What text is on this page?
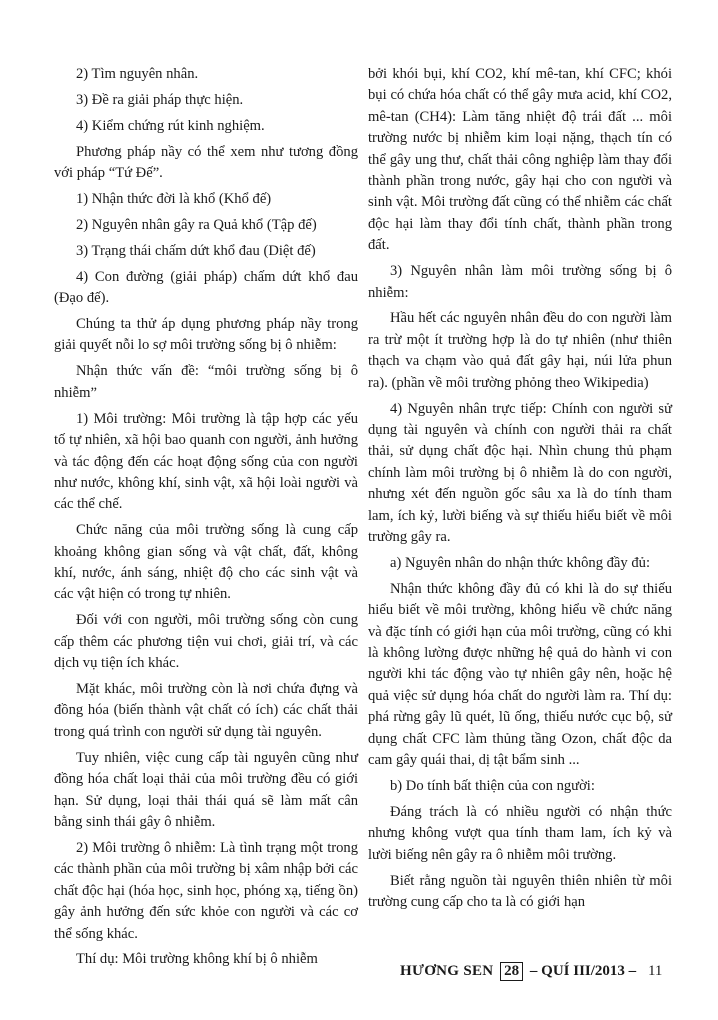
2) Tìm nguyên nhân.

3) Đề ra giải pháp thực hiện.

4) Kiểm chứng rút kinh nghiệm.

Phương pháp nầy có thể xem như tương đồng với pháp “Tứ Đế”.

1) Nhận thức đời là khổ (Khổ đế)

2) Nguyên nhân gây ra Quả khổ (Tập đế)

3) Trạng thái chấm dứt khổ đau (Diệt đế)

4) Con đường (giải pháp) chấm dứt khổ đau (Đạo đế).

Chúng ta thử áp dụng phương pháp nầy trong giải quyết nỗi lo sợ môi trường sống bị ô nhiễm:

Nhận thức vấn đề: “môi trường sống bị ô nhiễm”

1) Môi trường: Môi trường là tập hợp các yếu tố tự nhiên, xã hội bao quanh con người, ảnh hưởng và tác động đến các hoạt động sống của con người như nước, không khí, sinh vật, xã hội loài người và các thể chế.

Chức năng của môi trường sống là cung cấp khoảng không gian sống và vật chất, đất, không khí, nước, ánh sáng, nhiệt độ cho các sinh vật và các vật hiện có trong tự nhiên.

Đối với con người, môi trường sống còn cung cấp thêm các phương tiện vui chơi, giải trí, và các dịch vụ tiện ích khác.

Mặt khác, môi trường còn là nơi chứa đựng và đồng hóa (biến thành vật chất có ích) các chất thải trong quá trình con người sử dụng tài nguyên.

Tuy nhiên, việc cung cấp tài nguyên cũng như đồng hóa chất loại thải của môi trường đều có giới hạn. Sử dụng, loại thải thái quá sẽ làm mất cân bằng sinh thái gây ô nhiễm.

2) Môi trường ô nhiễm: Là tình trạng một trong các thành phần của môi trường bị xâm nhập bởi các chất độc hại (hóa học, sinh học, phóng xạ, tiếng ồn) gây ảnh hưởng đến sức khỏe con người và các cơ thể sống khác.

Thí dụ: Môi trường không khí bị ô nhiễm

bởi khói bụi, khí CO2, khí mê-tan, khí CFC; khói bụi có chứa hóa chất có thể gây mưa acid, khí CO2, mê-tan (CH4): Làm tăng nhiệt độ trái đất ... môi trường nước bị nhiễm kim loại nặng, thạch tín có thể gây ung thư, chất thải công nghiệp làm thay đổi thành phần trong nước, gây hại cho con người và sinh vật. Môi trường đất cũng có thể nhiễm các chất độc hại làm thay đổi tính chất, thành phần trong đất.

3) Nguyên nhân làm môi trường sống bị ô nhiễm:

Hầu hết các nguyên nhân đều do con người làm ra trừ một ít trường hợp là do tự nhiên (như thiên thạch va chạm vào quả đất gây hại, núi lửa phun ra). (phần về môi trường phỏng theo Wikipedia)

4) Nguyên nhân trực tiếp: Chính con người sử dụng tài nguyên và chính con người thải ra chất thải, sử dụng chất độc hại. Nhìn chung thủ phạm chính làm môi trường bị ô nhiễm là do con người, nhưng xét đến nguồn gốc sâu xa là do tính tham lam, ích kỷ, lười biếng và sự thiếu hiểu biết về môi trường gây ra.

a) Nguyên nhân do nhận thức không đầy đủ:

Nhận thức không đầy đủ có khi là do sự thiếu hiểu biết về môi trường, không hiểu về chức năng và đặc tính có giới hạn của môi trường, cũng có khi là không lường được những hệ quả do hành vi con người khi tác động vào tự nhiên gây nên, hoặc hệ quả việc sử dụng hóa chất do người làm ra. Thí dụ: phá rừng gây lũ quét, lũ ống, thiếu nước cục bộ, sử dụng chất CFC làm thủng tầng Ozon, chất độc da cam gây quái thai, dị tật bẩm sinh ...

b) Do tính bất thiện của con người:

Đáng trách là có nhiều người có nhận thức nhưng không vượt qua tính tham lam, ích kỷ và lười biếng nên gây ra ô nhiễm môi trường.

Biết rằng nguồn tài nguyên thiên nhiên từ môi trường cung cấp cho ta là có giới hạn

HƯƠNG SEN 28 – QUÍ III/2013 – 11
